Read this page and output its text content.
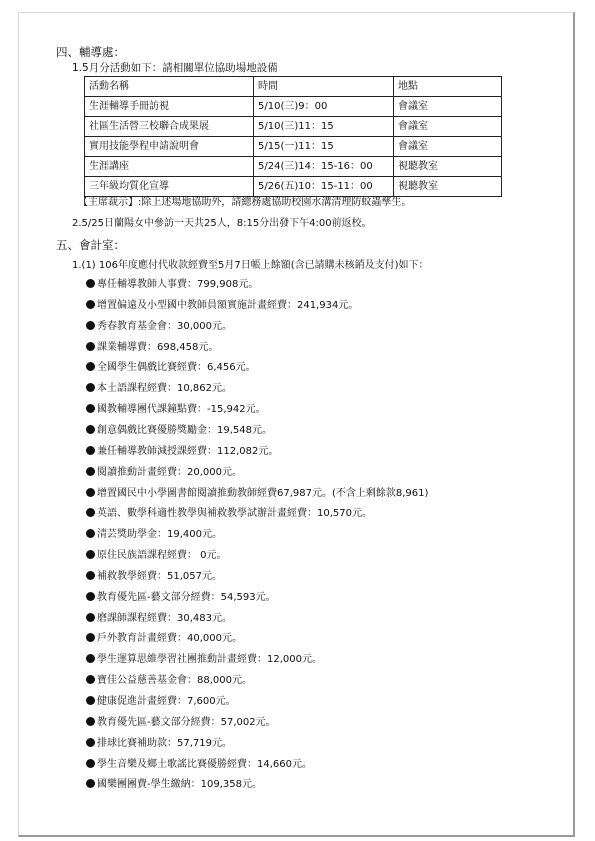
四、輔導處：
1.5月分活動如下：請相關單位協助場地設備
活動名稱	時間	地點
生涯輔導手冊訪視	5/10(三)9：00	會議室
社區生活營三校聯合成果展	5/10(三)11：15	會議室
實用技能學程申請說明會	5/15(一)11：15	會議室
生涯講座	5/24(三)14：15-16：00	視聽教室
三年級均質化宣導	5/26(五)10：15-11：00	視聽教室
【主席裁示】:除上述場地協助外，請總務處協助校園水溝清理防蚊蟲孳生。
2.5/25日蘭陽女中參訪一天共25人，8:15分出發下午4:00前返校。
五、會計室：
1.(1) 106年度應付代收款經費至5月7日帳上餘額(含已請購未核銷及支付)如下：
專任輔導教師人事費：799,908元。
增置偏遠及小型國中教師員額實施計畫經費：241,934元。
秀春教育基金會：30,000元。
課業輔導費：698,458元。
全國學生偶戲比賽經費：6,456元。
本土語課程經費：10,862元。
國教輔導團代課鐘點費：-15,942元。
創意偶戲比賽優勝獎勵金：19,548元。
兼任輔導教師減授課經費：112,082元。
閱讀推動計畫經費：20,000元。
增置國民中小學圖書館閱讀推動教師經費67,987元。(不含上剩餘款8,961)
英語、數學科適性教學與補救教學試辦計畫經費：10,570元。
清芸獎助學金：19,400元。
原住民族語課程經費： 0元。
補救教學經費：51,057元。
教育優先區-藝文部分經費：54,593元。
磨課師課程經費：30,483元。
戶外教育計畫經費：40,000元。
學生運算思維學習社團推動計畫經費：12,000元。
寶佳公益慈善基金會：88,000元。
健康促進計畫經費：7,600元。
教育優先區-藝文部分經費：57,002元。
排球比賽補助款：57,719元。
學生音樂及鄉土歌謠比賽優勝經費：14,660元。
國樂團團費-學生繳納：109,358元。
